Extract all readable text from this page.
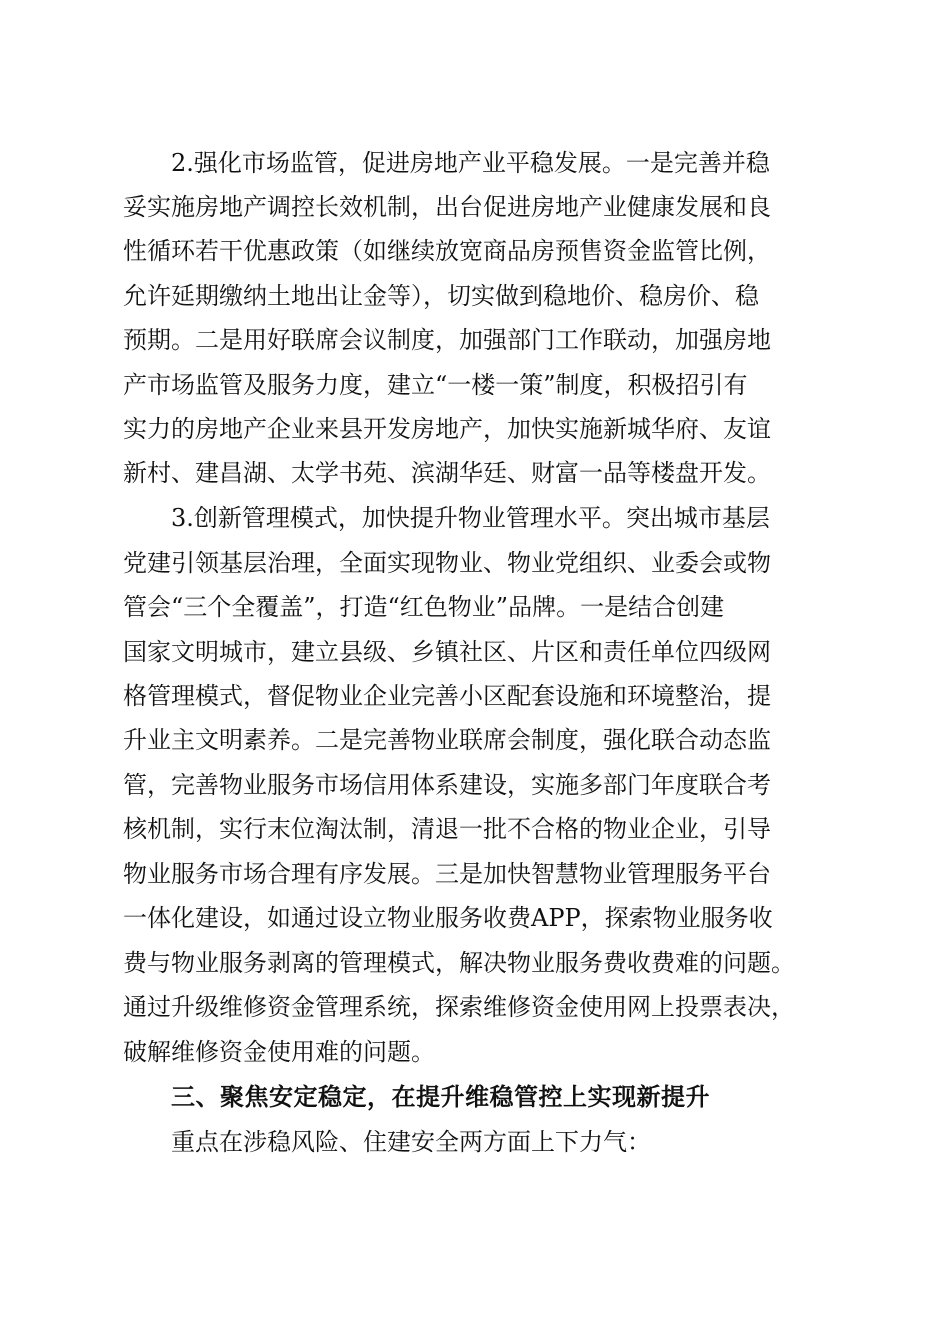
2.强化市场监管，促进房地产业平稳发展。一是完善并稳

妥实施房地产调控长效机制，出台促进房地产业健康发展和良

性循环若干优惠政策（如继续放宽商品房预售资金监管比例，

允许延期缴纳土地出让金等），切实做到稳地价、稳房价、稳

预期。二是用好联席会议制度，加强部门工作联动，加强房地

产市场监管及服务力度，建立“一楼一策”制度，积极招引有

实力的房地产企业来县开发房地产，加快实施新城华府、友谊

新村、建昌湖、太学书苑、滨湖华廷、财富一品等楼盘开发。

3.创新管理模式，加快提升物业管理水平。突出城市基层

党建引领基层治理，全面实现物业、物业党组织、业委会或物

管会“三个全覆盖”，打造“红色物业”品牌。一是结合创建

国家文明城市，建立县级、乡镇社区、片区和责任单位四级网

格管理模式，督促物业企业完善小区配套设施和环境整治，提

升业主文明素养。二是完善物业联席会制度，强化联合动态监

管，完善物业服务市场信用体系建设，实施多部门年度联合考

核机制，实行末位淘汰制，清退一批不合格的物业企业，引导

物业服务市场合理有序发展。三是加快智慧物业管理服务平台

一体化建设，如通过设立物业服务收费APP，探索物业服务收

费与物业服务剥离的管理模式，解决物业服务费收费难的问题。

通过升级维修资金管理系统，探索维修资金使用网上投票表决，

破解维修资金使用难的问题。

三、聚焦安定稳定，在提升维稳管控上实现新提升

重点在涉稳风险、住建安全两方面上下力气：
